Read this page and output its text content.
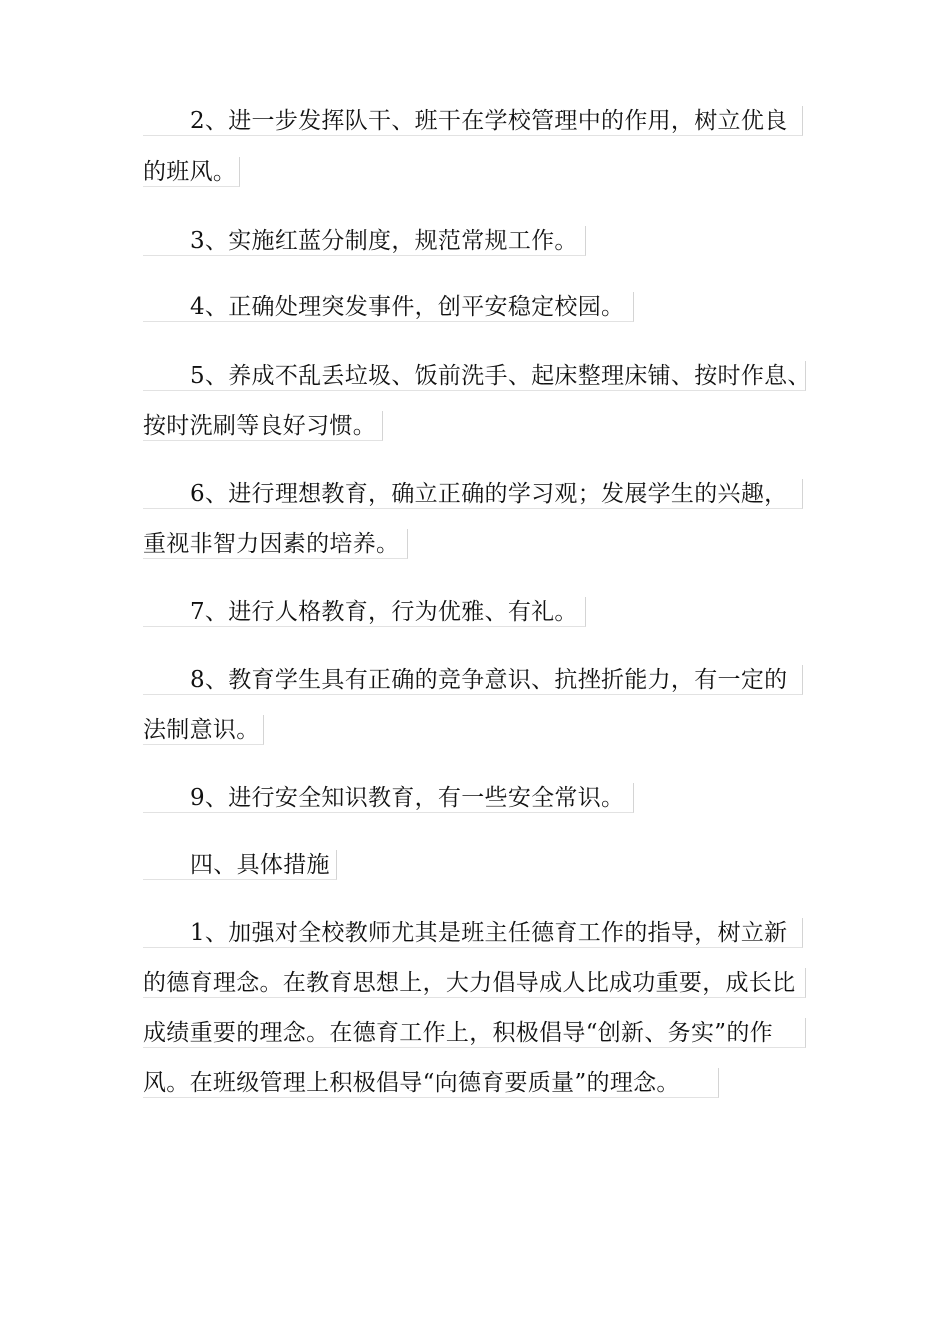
2、进一步发挥队干、班干在学校管理中的作用，树立优良
的班风。
3、实施红蓝分制度，规范常规工作。
4、正确处理突发事件，创平安稳定校园。
5、养成不乱丢垃圾、饭前洗手、起床整理床铺、按时作息、
按时洗刷等良好习惯。
6、进行理想教育，确立正确的学习观；发展学生的兴趣，
重视非智力因素的培养。
7、进行人格教育，行为优雅、有礼。
8、教育学生具有正确的竞争意识、抗挫折能力，有一定的
法制意识。
9、进行安全知识教育，有一些安全常识。
四、具体措施
1、加强对全校教师尤其是班主任德育工作的指导，树立新
的德育理念。在教育思想上，大力倡导成人比成功重要，成长比
成绩重要的理念。在德育工作上，积极倡导“创新、务实”的作
风。在班级管理上积极倡导“向德育要质量”的理念。
